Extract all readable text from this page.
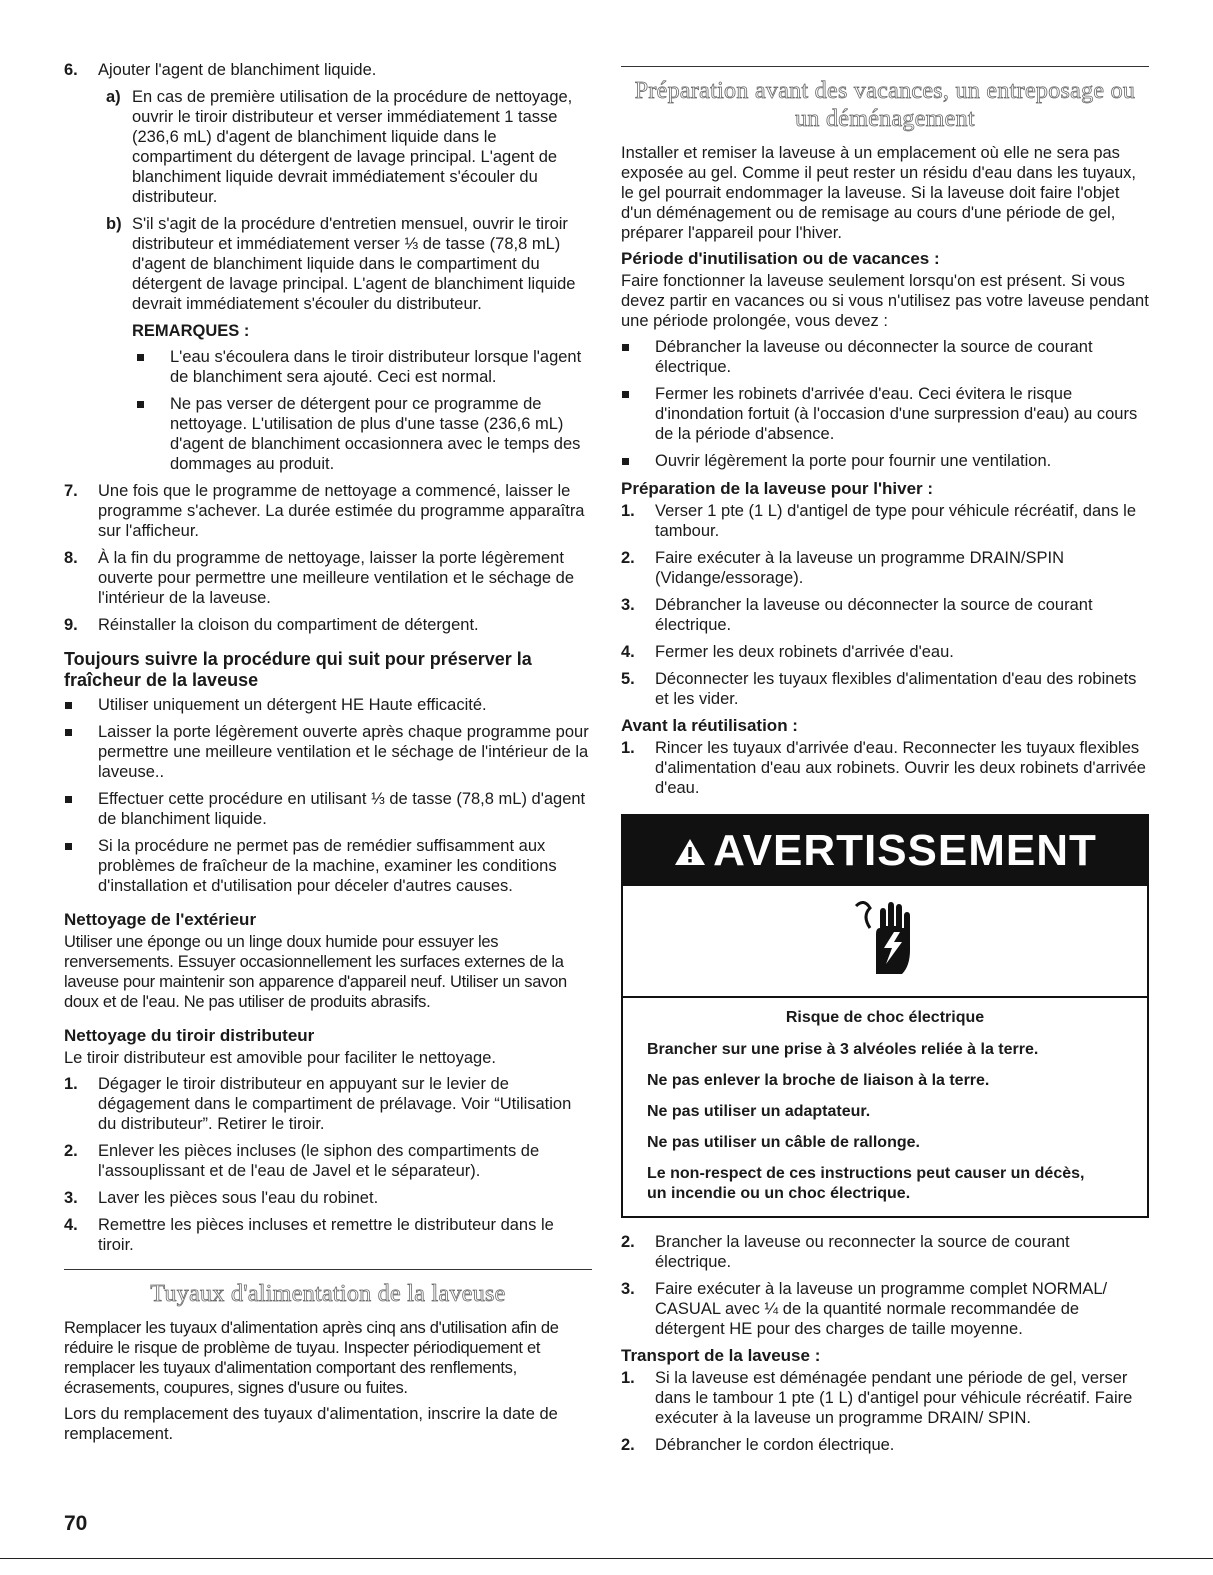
6. Ajouter l'agent de blanchiment liquide.
a) En cas de première utilisation de la procédure de nettoyage, ouvrir le tiroir distributeur et verser immédiatement 1 tasse (236,6 mL) d'agent de blanchiment liquide dans le compartiment du détergent de lavage principal. L'agent de blanchiment liquide devrait immédiatement s'écouler du distributeur.
b) S'il s'agit de la procédure d'entretien mensuel, ouvrir le tiroir distributeur et immédiatement verser ⅓ de tasse (78,8 mL) d'agent de blanchiment liquide dans le compartiment du détergent de lavage principal. L'agent de blanchiment liquide devrait immédiatement s'écouler du distributeur.
REMARQUES :
L'eau s'écoulera dans le tiroir distributeur lorsque l'agent de blanchiment sera ajouté. Ceci est normal.
Ne pas verser de détergent pour ce programme de nettoyage. L'utilisation de plus d'une tasse (236,6 mL) d'agent de blanchiment occasionnera avec le temps des dommages au produit.
7. Une fois que le programme de nettoyage a commencé, laisser le programme s'achever. La durée estimée du programme apparaîtra sur l'afficheur.
8. À la fin du programme de nettoyage, laisser la porte légèrement ouverte pour permettre une meilleure ventilation et le séchage de l'intérieur de la laveuse.
9. Réinstaller la cloison du compartiment de détergent.
Toujours suivre la procédure qui suit pour préserver la fraîcheur de la laveuse
Utiliser uniquement un détergent HE Haute efficacité.
Laisser la porte légèrement ouverte après chaque programme pour permettre une meilleure ventilation et le séchage de l'intérieur de la laveuse..
Effectuer cette procédure en utilisant ⅓ de tasse (78,8 mL) d'agent de blanchiment liquide.
Si la procédure ne permet pas de remédier suffisamment aux problèmes de fraîcheur de la machine, examiner les conditions d'installation et d'utilisation pour déceler d'autres causes.
Nettoyage de l'extérieur
Utiliser une éponge ou un linge doux humide pour essuyer les renversements. Essuyer occasionnellement les surfaces externes de la laveuse pour maintenir son apparence d'appareil neuf. Utiliser un savon doux et de l'eau. Ne pas utiliser de produits abrasifs.
Nettoyage du tiroir distributeur
Le tiroir distributeur est amovible pour faciliter le nettoyage.
1. Dégager le tiroir distributeur en appuyant sur le levier de dégagement dans le compartiment de prélavage. Voir “Utilisation du distributeur”. Retirer le tiroir.
2. Enlever les pièces incluses (le siphon des compartiments de l'assouplissant et de l'eau de Javel et le séparateur).
3. Laver les pièces sous l'eau du robinet.
4. Remettre les pièces incluses et remettre le distributeur dans le tiroir.
Tuyaux d'alimentation de la laveuse
Remplacer les tuyaux d'alimentation après cinq ans d'utilisation afin de réduire le risque de problème de tuyau. Inspecter périodiquement et remplacer les tuyaux d'alimentation comportant des renflements, écrasements, coupures, signes d'usure ou fuites.
Lors du remplacement des tuyaux d'alimentation, inscrire la date de remplacement.
Préparation avant des vacances, un entreposage ou un déménagement
Installer et remiser la laveuse à un emplacement où elle ne sera pas exposée au gel. Comme il peut rester un résidu d'eau dans les tuyaux, le gel pourrait endommager la laveuse. Si la laveuse doit faire l'objet d'un déménagement ou de remisage au cours d'une période de gel, préparer l'appareil pour l'hiver.
Période d'inutilisation ou de vacances :
Faire fonctionner la laveuse seulement lorsqu'on est présent. Si vous devez partir en vacances ou si vous n'utilisez pas votre laveuse pendant une période prolongée, vous devez :
Débrancher la laveuse ou déconnecter la source de courant électrique.
Fermer les robinets d'arrivée d'eau. Ceci évitera le risque d'inondation fortuit (à l'occasion d'une surpression d'eau) au cours de la période d'absence.
Ouvrir légèrement la porte pour fournir une ventilation.
Préparation de la laveuse pour l'hiver :
1. Verser 1 pte (1 L) d'antigel de type pour véhicule récréatif, dans le tambour.
2. Faire exécuter à la laveuse un programme DRAIN/SPIN (Vidange/essorage).
3. Débrancher la laveuse ou déconnecter la source de courant électrique.
4. Fermer les deux robinets d'arrivée d'eau.
5. Déconnecter les tuyaux flexibles d'alimentation d'eau des robinets et les vider.
Avant la réutilisation :
1. Rincer les tuyaux d'arrivée d'eau. Reconnecter les tuyaux flexibles d'alimentation d'eau aux robinets. Ouvrir les deux robinets d'arrivée d'eau.
AVERTISSEMENT
Risque de choc électrique
Brancher sur une prise à 3 alvéoles reliée à la terre.
Ne pas enlever la broche de liaison à la terre.
Ne pas utiliser un adaptateur.
Ne pas utiliser un câble de rallonge.
Le non-respect de ces instructions peut causer un décès, un incendie ou un choc électrique.
2. Brancher la laveuse ou reconnecter la source de courant électrique.
3. Faire exécuter à la laveuse un programme complet NORMAL/ CASUAL avec ¼ de la quantité normale recommandée de détergent HE pour des charges de taille moyenne.
Transport de la laveuse :
1. Si la laveuse est déménagée pendant une période de gel, verser dans le tambour 1 pte (1 L) d'antigel pour véhicule récréatif. Faire exécuter à la laveuse un programme DRAIN/ SPIN.
2. Débrancher le cordon électrique.
70
